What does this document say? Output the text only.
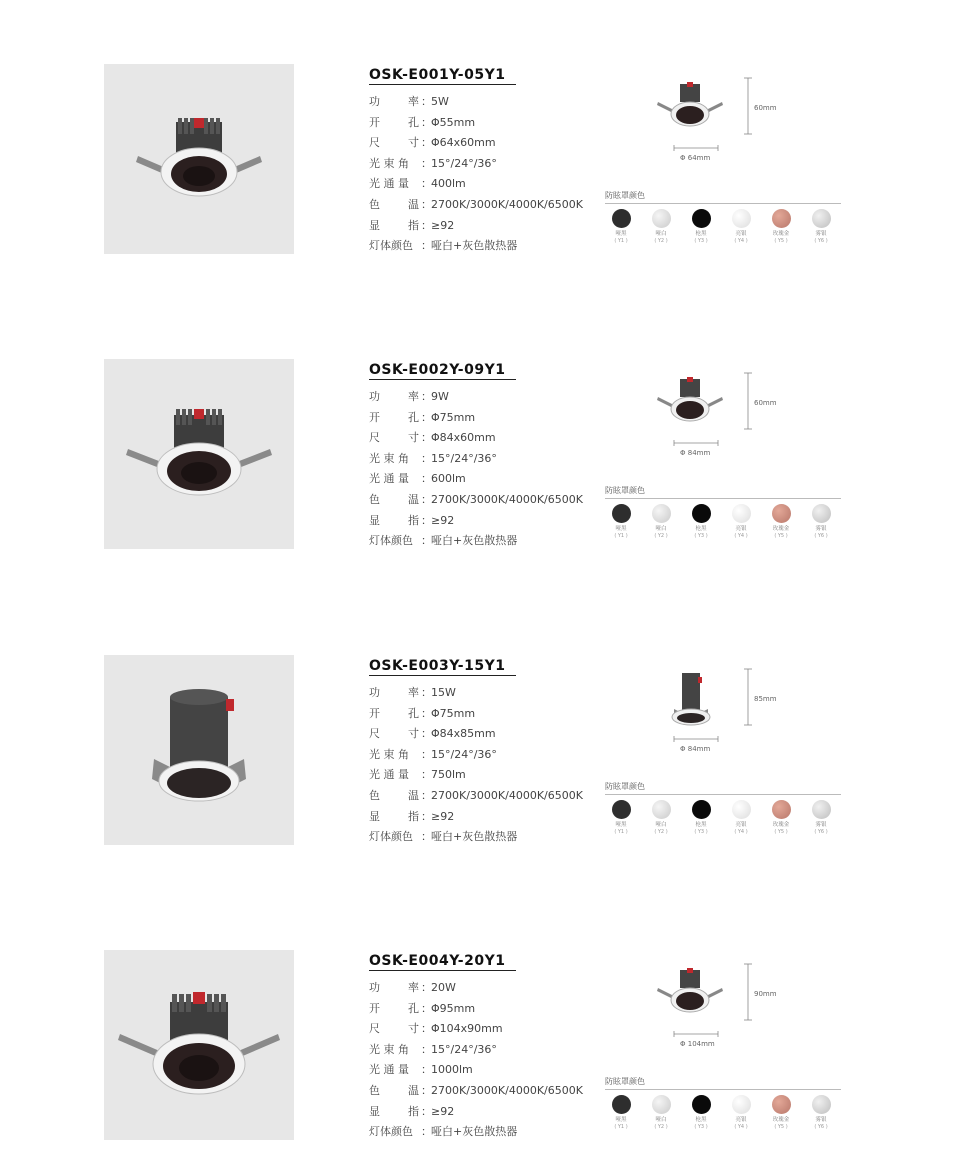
OSK-E001Y-05Y1
功        率 ： 5W
开        孔 ： Φ55mm
尺        寸 ： Φ64x60mm
光 束 角	： 15°/24°/36°
光 通 量	： 400lm
色        温 ： 2700K/3000K/4000K/6500K
显        指 ： ≥92
灯体颜色 ： 哑白+灰色散热器
60mm
Φ 64mm
防眩罩颜色
哑黑
( Y1 )
哑白
( Y2 )
枪黑
( Y3 )
亮银
( Y4 )
玫瑰金
( Y5 )
雾银
( Y6 )
OSK-E002Y-09Y1
功        率 ： 9W
开        孔 ： Φ75mm
尺        寸 ： Φ84x60mm
光 束 角	： 15°/24°/36°
光 通 量	： 600lm
色        温 ： 2700K/3000K/4000K/6500K
显        指 ： ≥92
灯体颜色 ： 哑白+灰色散热器
60mm
Φ 84mm
防眩罩颜色
哑黑
( Y1 )
哑白
( Y2 )
枪黑
( Y3 )
亮银
( Y4 )
玫瑰金
( Y5 )
雾银
( Y6 )
OSK-E003Y-15Y1
功        率 ： 15W
开        孔 ： Φ75mm
尺        寸 ： Φ84x85mm
光 束 角	： 15°/24°/36°
光 通 量	： 750lm
色        温 ： 2700K/3000K/4000K/6500K
显        指 ： ≥92
灯体颜色 ： 哑白+灰色散热器
85mm
Φ 84mm
防眩罩颜色
哑黑
( Y1 )
哑白
( Y2 )
枪黑
( Y3 )
亮银
( Y4 )
玫瑰金
( Y5 )
雾银
( Y6 )
OSK-E004Y-20Y1
功        率 ： 20W
开        孔 ： Φ95mm
尺        寸 ： Φ104x90mm
光 束 角	： 15°/24°/36°
光 通 量	： 1000lm
色        温 ： 2700K/3000K/4000K/6500K
显        指 ： ≥92
灯体颜色 ： 哑白+灰色散热器
90mm
Φ 104mm
防眩罩颜色
哑黑
( Y1 )
哑白
( Y2 )
枪黑
( Y3 )
亮银
( Y4 )
玫瑰金
( Y5 )
雾银
( Y6 )
